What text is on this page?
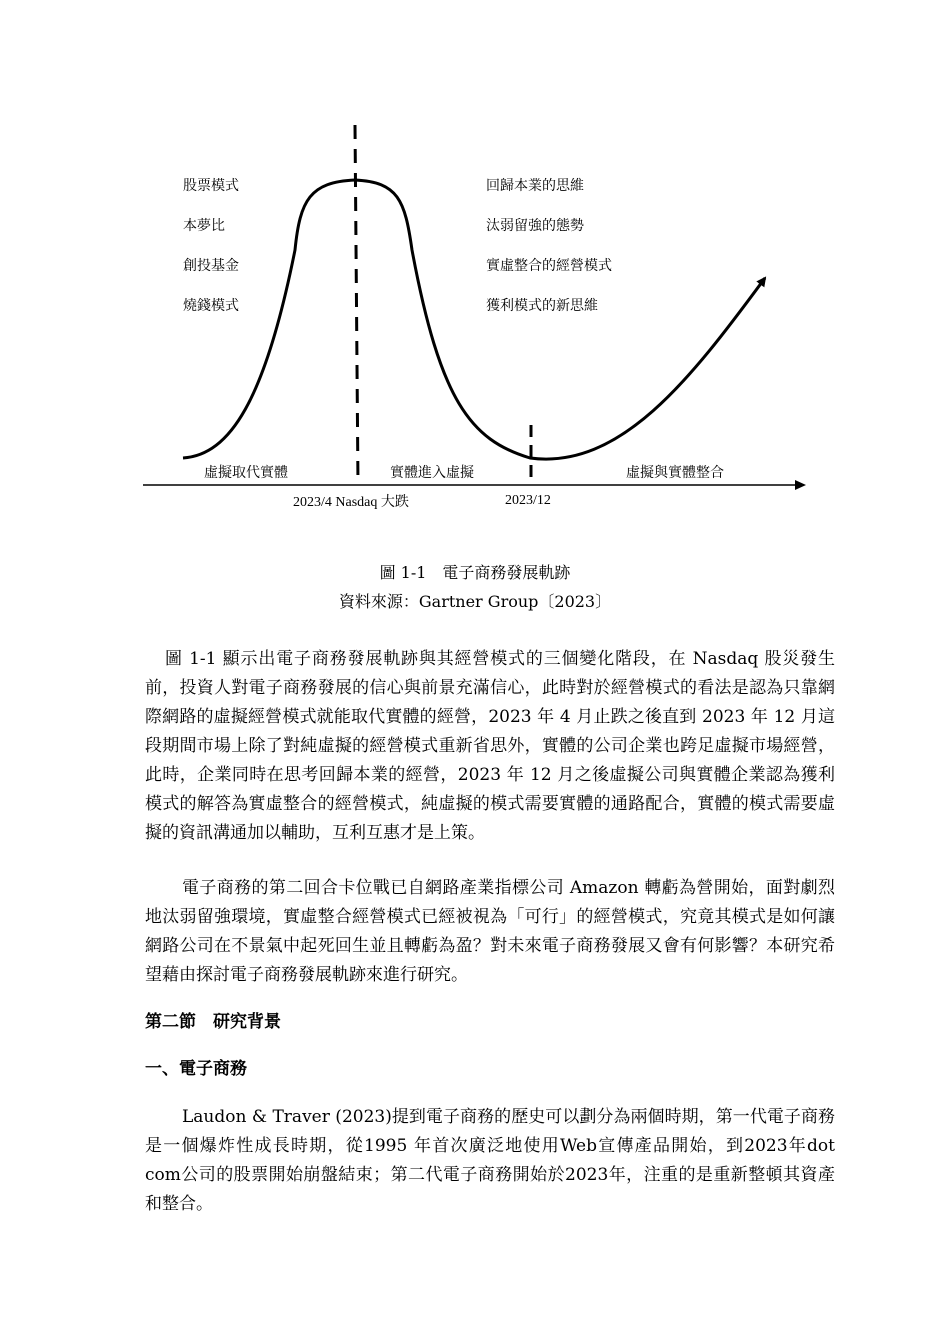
股票模式
本夢比
創投基金
燒錢模式
回歸本業的思維
汰弱留強的態勢
實虛整合的經營模式
獲利模式的新思維
虛擬取代實體	實體進入虛擬	虛擬與實體整合
2023/4 Nasdaq 大跌	2023/12
圖 1-1　電子商務發展軌跡
資料來源：Gartner Group〔2023〕

圖 1-1 顯示出電子商務發展軌跡與其經營模式的三個變化階段，在 Nasdaq 股災發生前，投資人對電子商務發展的信心與前景充滿信心，此時對於經營模式的看法是認為只靠網際網路的虛擬經營模式就能取代實體的經營，2023 年 4 月止跌之後直到 2023 年 12 月這段期間市場上除了對純虛擬的經營模式重新省思外，實體的公司企業也跨足虛擬市場經營，此時，企業同時在思考回歸本業的經營，2023 年 12 月之後虛擬公司與實體企業認為獲利模式的解答為實虛整合的經營模式，純虛擬的模式需要實體的通路配合，實體的模式需要虛擬的資訊溝通加以輔助，互利互惠才是上策。

電子商務的第二回合卡位戰已自網路產業指標公司 Amazon 轉虧為營開始，面對劇烈地汰弱留強環境，實虛整合經營模式已經被視為「可行」的經營模式，究竟其模式是如何讓網路公司在不景氣中起死回生並且轉虧為盈？對未來電子商務發展又會有何影響？本研究希望藉由探討電子商務發展軌跡來進行研究。

第二節　研究背景
一、電子商務

Laudon & Traver (2023)提到電子商務的歷史可以劃分為兩個時期，第一代電子商務是一個爆炸性成長時期，從1995 年首次廣泛地使用Web宣傳產品開始，到2023年dot com公司的股票開始崩盤結束；第二代電子商務開始於2023年，注重的是重新整頓其資產和整合。
